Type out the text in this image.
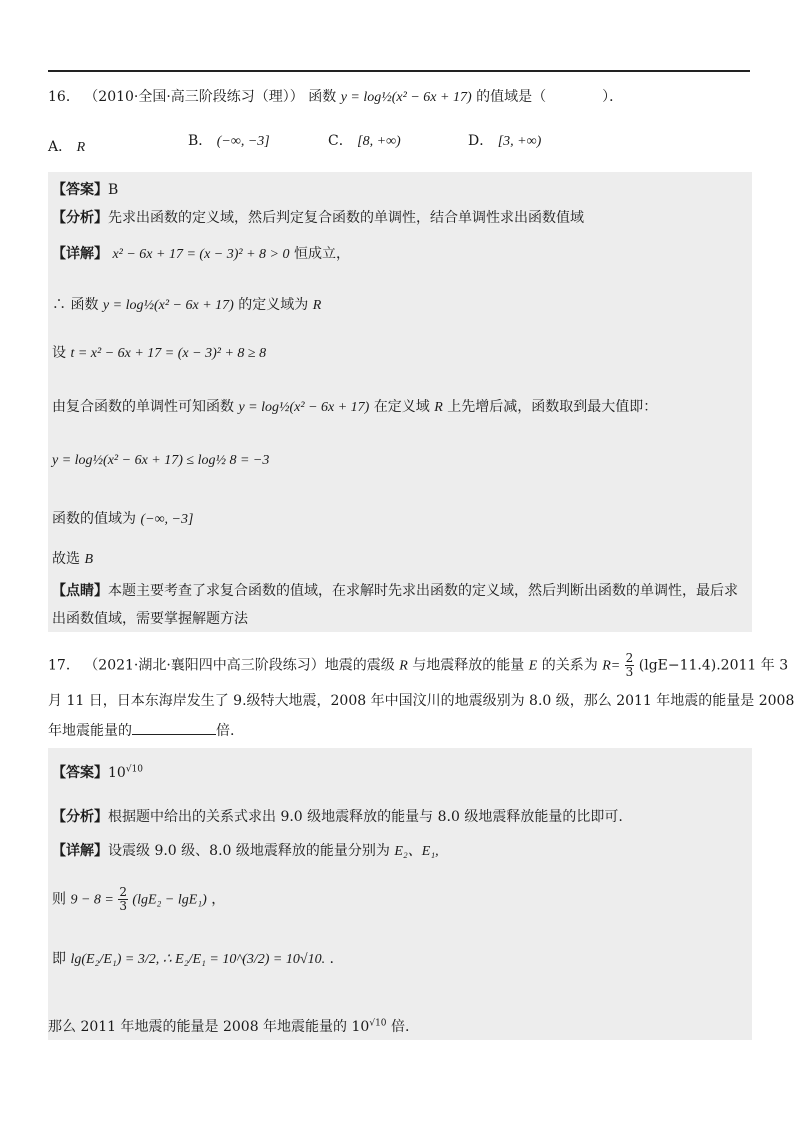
16． （2010·全国·高三阶段练习（理）） 函数 y = log½(x² − 6x + 17) 的值域是（　　　　）．
A． R	B． (−∞, −3]	C． [8, +∞)	D． [3, +∞)
【答案】B
【分析】先求出函数的定义域，然后判定复合函数的单调性，结合单调性求出函数值域
【详解】 x² − 6x + 17 = (x − 3)² + 8 > 0 恒成立，
∴ 函数 y = log½(x² − 6x + 17) 的定义域为 R
设 t = x² − 6x + 17 = (x − 3)² + 8 ≥ 8
由复合函数的单调性可知函数 y = log½(x² − 6x + 17) 在定义域 R 上先增后减，函数取到最大值即：
y = log½(x² − 6x + 17) ≤ log½ 8 = −3
函数的值域为 (−∞, −3]
故选 B
【点睛】本题主要考查了求复合函数的值域，在求解时先求出函数的定义域，然后判断出函数的单调性，最后求
出函数值域，需要掌握解题方法
17． （2021·湖北·襄阳四中高三阶段练习）地震的震级 R 与地震释放的能量 E 的关系为 $R= \frac{2}{3} (\lg E-11.4).2011$ 年 3
月 11 日，日本东海岸发生了 9.级特大地震，2008 年中国汶川的地震级别为 8.0 级，那么 2011 年地震的能量是 2008
年地震能量的	倍.
【答案】$10^{√10}$
【分析】根据题中给出的关系式求出 9.0 级地震释放的能量与 8.0 级地震释放能量的比即可.
【详解】设震级 9.0 级、8.0 级地震释放的能量分别为 E₂、E₁,
则 $9 - 8 = \frac{2}{3} (\lg E_2 - \lg E_1)$ ，
即 lg(E₂/E₁) = 3/2, ∴ E₂/E₁ = 10^(3/2) = 10√10. .
那么 2011 年地震的能量是 2008 年地震能量的 $10^{√10}$ 倍.
